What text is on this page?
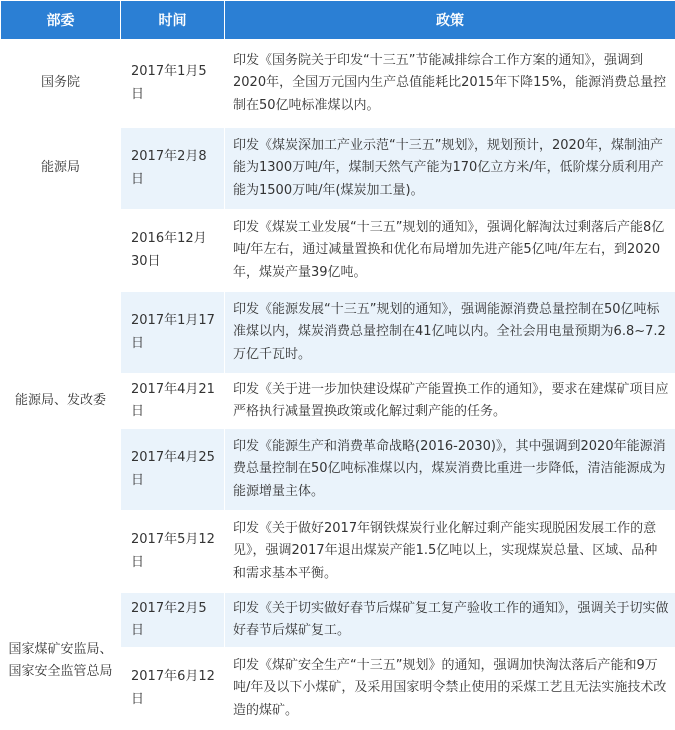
部委	时间	政策
国务院	2017年1月5日	印发《国务院关于印发“十三五”节能减排综合工作方案的通知》，强调到2020年，全国万元国内生产总值能耗比2015年下降15%，能源消费总量控制在50亿吨标准煤以内。
能源局	2017年2月8日	印发《煤炭深加工产业示范“十三五”规划》，规划预计，2020年，煤制油产能为1300万吨/年，煤制天然气产能为170亿立方米/年，低阶煤分质利用产能为1500万吨/年(煤炭加工量)。
能源局、发改委	2016年12月30日	印发《煤炭工业发展“十三五”规划的通知》，强调化解淘汰过剩落后产能8亿吨/年左右，通过减量置换和优化布局增加先进产能5亿吨/年左右，到2020年，煤炭产量39亿吨。
	2017年1月17日	印发《能源发展“十三五”规划的通知》，强调能源消费总量控制在50亿吨标准煤以内，煤炭消费总量控制在41亿吨以内。全社会用电量预期为6.8~7.2万亿千瓦时。
	2017年4月21日	印发《关于进一步加快建设煤矿产能置换工作的通知》，要求在建煤矿项目应严格执行减量置换政策或化解过剩产能的任务。
	2017年4月25日	印发《能源生产和消费革命战略(2016-2030)》，其中强调到2020年能源消费总量控制在50亿吨标准煤以内，煤炭消费比重进一步降低，清洁能源成为能源增量主体。
	2017年5月12日	印发《关于做好2017年钢铁煤炭行业化解过剩产能实现脱困发展工作的意见》，强调2017年退出煤炭产能1.5亿吨以上，实现煤炭总量、区域、品种和需求基本平衡。
国家煤矿安监局、国家安全监管总局	2017年2月5日	印发《关于切实做好春节后煤矿复工复产验收工作的通知》，强调关于切实做好春节后煤矿复工。
	2017年6月12日	印发《煤矿安全生产“十三五”规划》的通知，强调加快淘汰落后产能和9万吨/年及以下小煤矿，及采用国家明令禁止使用的采煤工艺且无法实施技术改造的煤矿。
